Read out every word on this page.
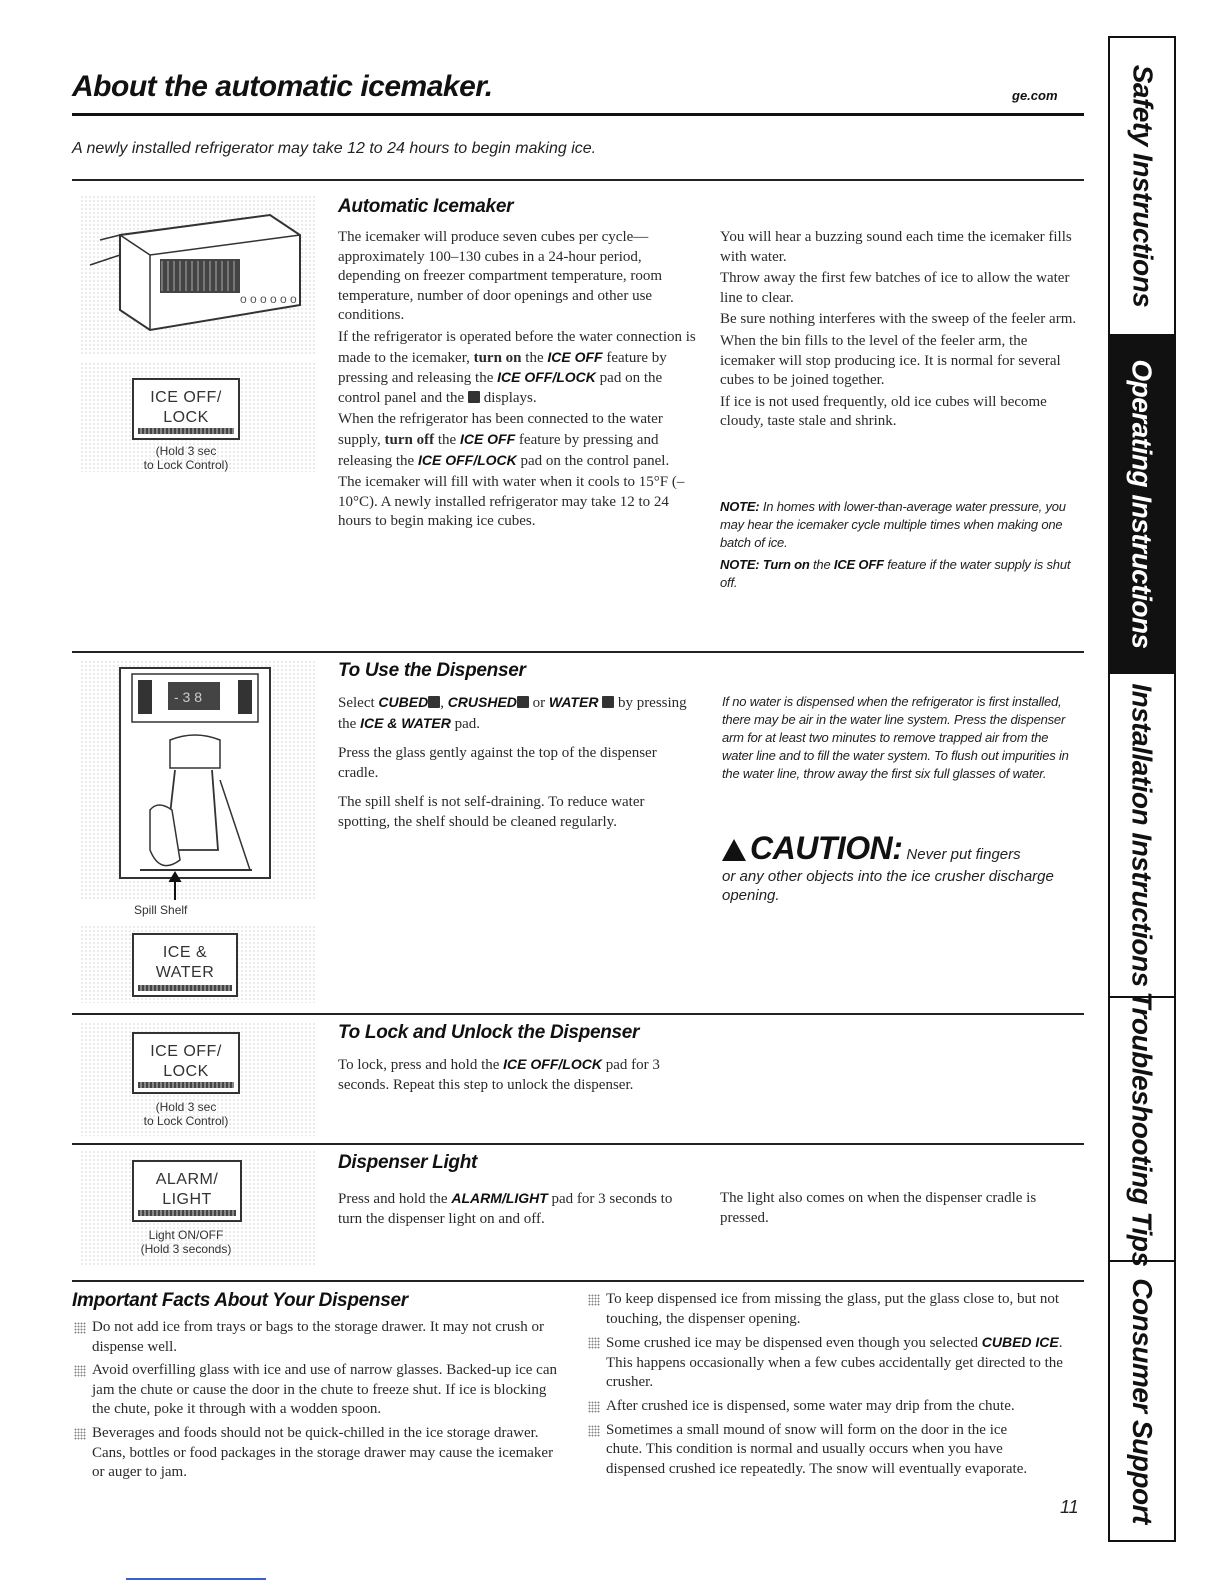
About the automatic icemaker.	ge.com
A newly installed refrigerator may take 12 to 24 hours to begin making ice.
o o o o o o
ICE OFF/
LOCK
(Hold 3 sec
to Lock Control)
Automatic Icemaker

The icemaker will produce seven cubes per cycle—approximately 100–130 cubes in a 24-hour period, depending on freezer compartment temperature, room temperature, number of door openings and other use conditions.

If the refrigerator is operated before the water connection is made to the icemaker, turn on the ICE OFF feature by pressing and releasing the ICE OFF/LOCK pad on the control panel and the displays.

When the refrigerator has been connected to the water supply, turn off the ICE OFF feature by pressing and releasing the ICE OFF/LOCK pad on the control panel.

The icemaker will fill with water when it cools to 15°F (–10°C). A newly installed refrigerator may take 12 to 24 hours to begin making ice cubes.

You will hear a buzzing sound each time the icemaker fills with water.

Throw away the first few batches of ice to allow the water line to clear.

Be sure nothing interferes with the sweep of the feeler arm.

When the bin fills to the level of the feeler arm, the icemaker will stop producing ice. It is normal for several cubes to be joined together.

If ice is not used frequently, old ice cubes will become cloudy, taste stale and shrink.

NOTE: In homes with lower-than-average water pressure, you may hear the icemaker cycle multiple times when making one batch of ice.

NOTE: Turn on the ICE OFF feature if the water supply is shut off.

- 3 8
Spill Shelf
ICE &
WATER
To Use the Dispenser

Select CUBED , CRUSHED or WATER by pressing the ICE & WATER pad.

Press the glass gently against the top of the dispenser cradle.

The spill shelf is not self-draining. To reduce water spotting, the shelf should be cleaned regularly.

If no water is dispensed when the refrigerator is first installed, there may be air in the water line system. Press the dispenser arm for at least two minutes to remove trapped air from the water line and to fill the water system. To flush out impurities in the water line, throw away the first six full glasses of water.
CAUTION: Never put fingers
or any other objects into the ice crusher discharge opening.
ICE OFF/
LOCK
(Hold 3 sec
to Lock Control)
To Lock and Unlock the Dispenser

To lock, press and hold the ICE OFF/LOCK pad for 3 seconds. Repeat this step to unlock the dispenser.

ALARM/
LIGHT
Light ON/OFF
(Hold 3 seconds)
Dispenser Light

Press and hold the ALARM/LIGHT pad for 3 seconds to turn the dispenser light on and off.

The light also comes on when the dispenser cradle is pressed.
Important Facts About Your Dispenser
Do not add ice from trays or bags to the storage drawer. It may not crush or dispense well.
Avoid overfilling glass with ice and use of narrow glasses. Backed-up ice can jam the chute or cause the door in the chute to freeze shut. If ice is blocking the chute, poke it through with a wodden spoon.
Beverages and foods should not be quick-chilled in the ice storage drawer. Cans, bottles or food packages in the storage drawer may cause the icemaker or auger to jam.
To keep dispensed ice from missing the glass, put the glass close to, but not touching, the dispenser opening.
Some crushed ice may be dispensed even though you selected CUBED ICE. This happens occasionally when a few cubes accidentally get directed to the crusher.
After crushed ice is dispensed, some water may drip from the chute.
Sometimes a small mound of snow will form on the door in the ice chute. This condition is normal and usually occurs when you have dispensed crushed ice repeatedly. The snow will eventually evaporate.
11
Safety Instructions
Operating Instructions
Installation Instructions
Troubleshooting Tips
Consumer Support
